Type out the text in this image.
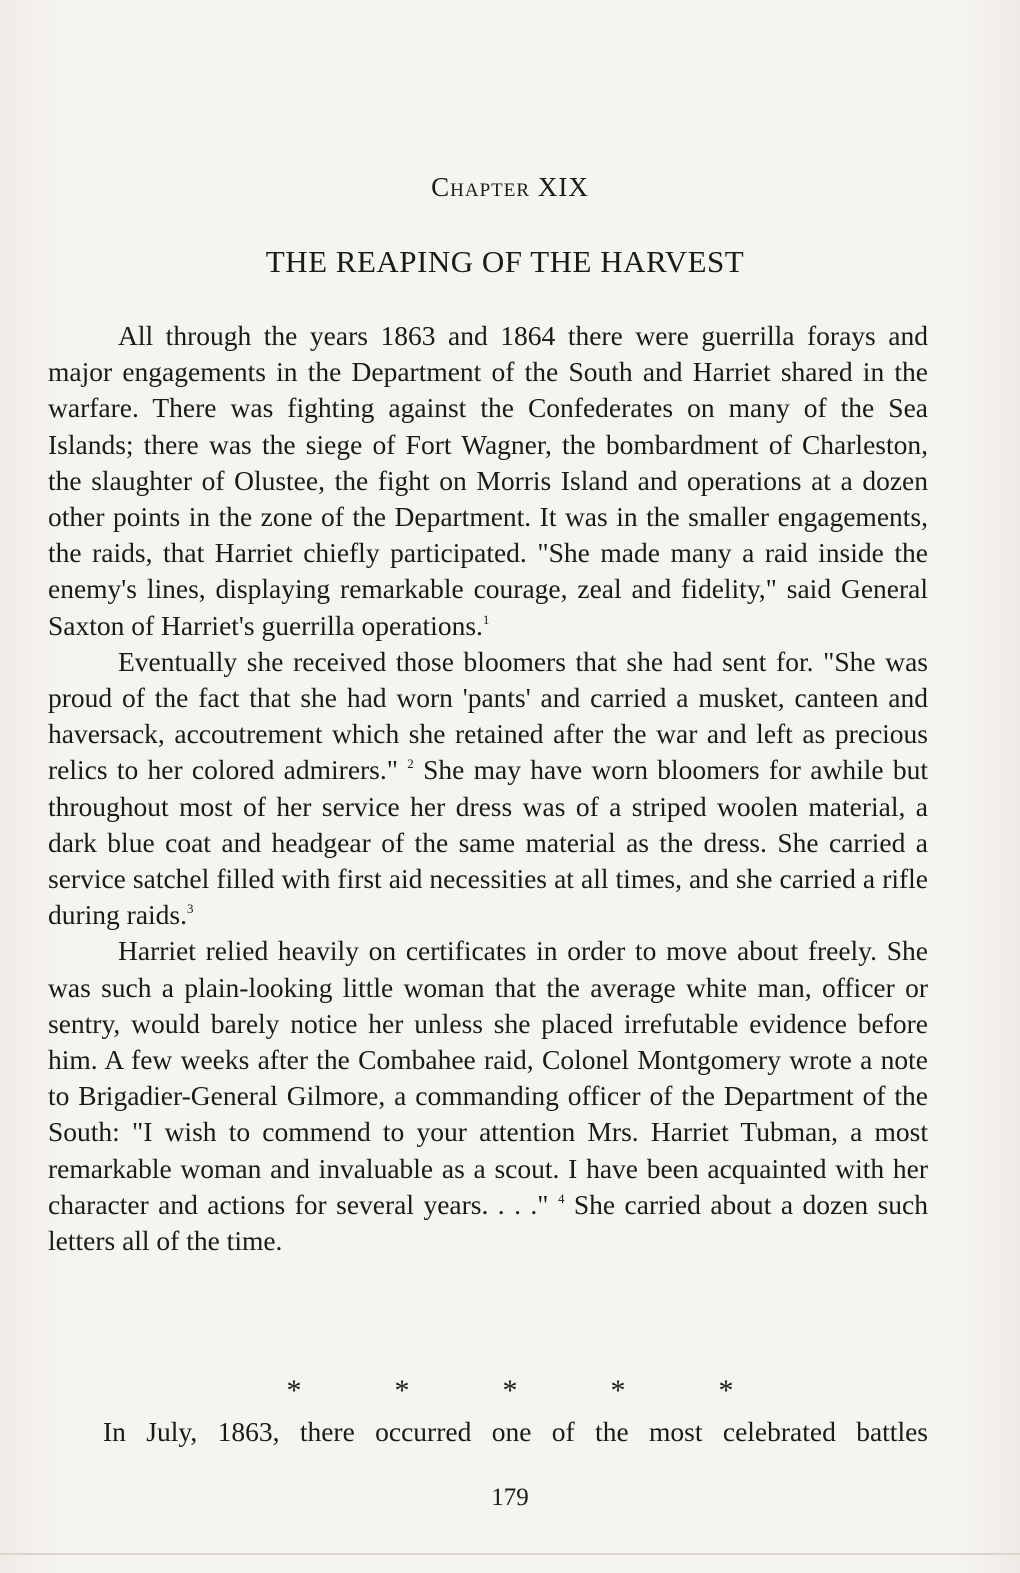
Chapter XIX
THE REAPING OF THE HARVEST

All through the years 1863 and 1864 there were guerrilla forays and major engagements in the Department of the South and Harriet shared in the warfare. There was fighting against the Confederates on many of the Sea Islands; there was the siege of Fort Wagner, the bombardment of Charleston, the slaughter of Olustee, the fight on Morris Island and operations at a dozen other points in the zone of the Department. It was in the smaller engagements, the raids, that Harriet chiefly participated. "She made many a raid inside the enemy's lines, displaying remarkable courage, zeal and fidelity," said General Saxton of Harriet's guerrilla operations.$^1$

Eventually she received those bloomers that she had sent for. "She was proud of the fact that she had worn 'pants' and carried a musket, canteen and haversack, accoutrement which she retained after the war and left as precious relics to her colored admirers." $^2$ She may have worn bloomers for awhile but throughout most of her service her dress was of a striped woolen material, a dark blue coat and headgear of the same material as the dress. She carried a service satchel filled with first aid necessities at all times, and she carried a rifle during raids.$^3$

Harriet relied heavily on certificates in order to move about freely. She was such a plain-looking little woman that the average white man, officer or sentry, would barely notice her unless she placed irrefutable evidence before him. A few weeks after the Combahee raid, Colonel Montgomery wrote a note to Brigadier-General Gilmore, a commanding officer of the Department of the South: "I wish to commend to your attention Mrs. Harriet Tubman, a most remarkable woman and invaluable as a scout. I have been acquainted with her character and actions for several years. . . ." $^4$ She carried about a dozen such letters all of the time.

*	*	*	*	*
In July, 1863, there occurred one of the most celebrated battles
179
